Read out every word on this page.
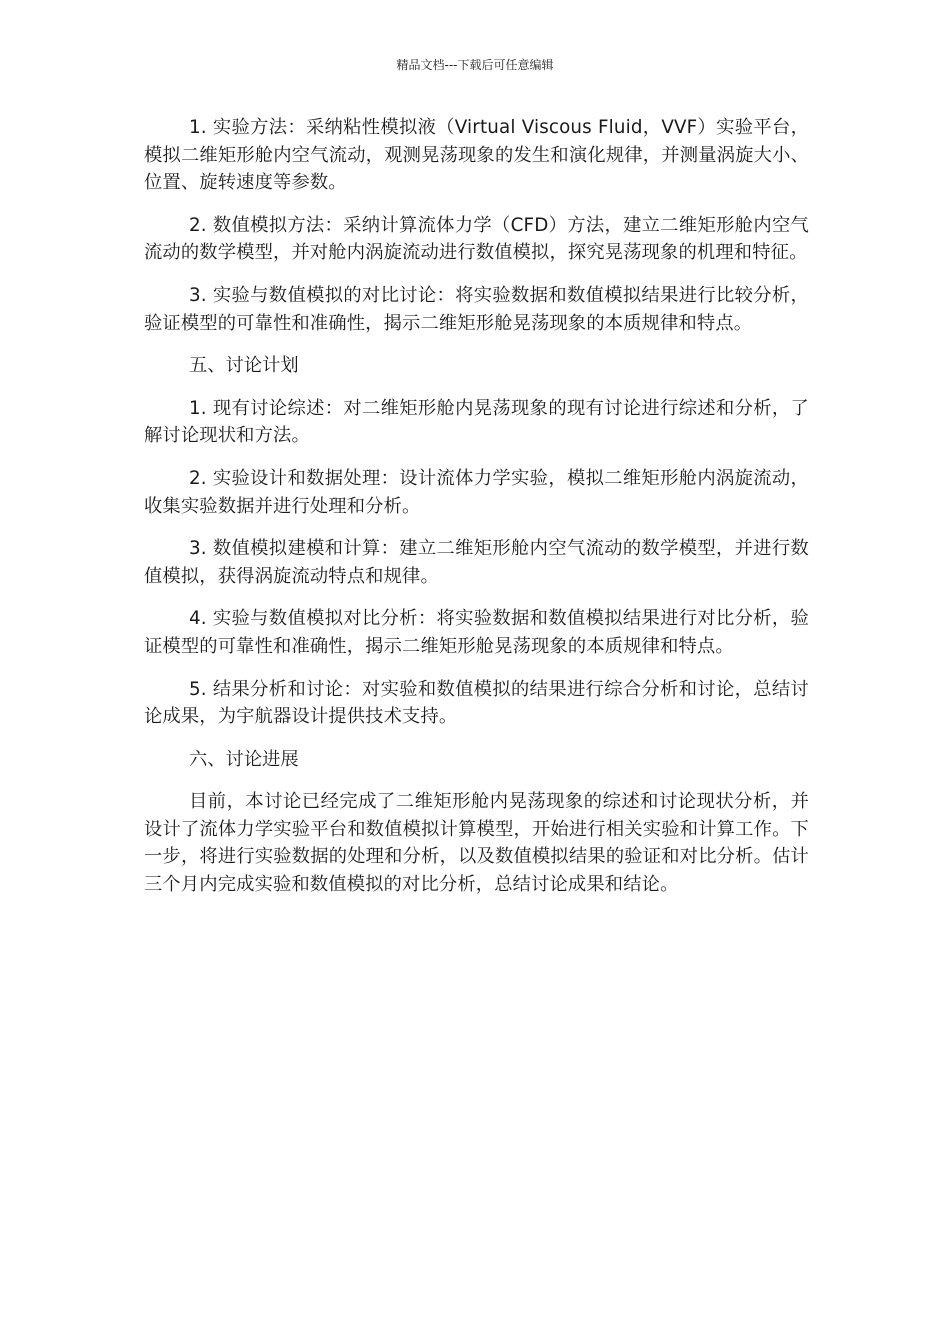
精品文档---下载后可任意编辑

1. 实验方法：采纳粘性模拟液（Virtual Viscous Fluid，VVF）实验平台，模拟二维矩形舱内空气流动，观测晃荡现象的发生和演化规律，并测量涡旋大小、位置、旋转速度等参数。

2. 数值模拟方法：采纳计算流体力学（CFD）方法，建立二维矩形舱内空气流动的数学模型，并对舱内涡旋流动进行数值模拟，探究晃荡现象的机理和特征。

3. 实验与数值模拟的对比讨论：将实验数据和数值模拟结果进行比较分析，验证模型的可靠性和准确性，揭示二维矩形舱晃荡现象的本质规律和特点。

五、讨论计划

1. 现有讨论综述：对二维矩形舱内晃荡现象的现有讨论进行综述和分析，了解讨论现状和方法。

2. 实验设计和数据处理：设计流体力学实验，模拟二维矩形舱内涡旋流动，收集实验数据并进行处理和分析。

3. 数值模拟建模和计算：建立二维矩形舱内空气流动的数学模型，并进行数值模拟，获得涡旋流动特点和规律。

4. 实验与数值模拟对比分析：将实验数据和数值模拟结果进行对比分析，验证模型的可靠性和准确性，揭示二维矩形舱晃荡现象的本质规律和特点。

5. 结果分析和讨论：对实验和数值模拟的结果进行综合分析和讨论，总结讨论成果，为宇航器设计提供技术支持。

六、讨论进展

目前，本讨论已经完成了二维矩形舱内晃荡现象的综述和讨论现状分析，并设计了流体力学实验平台和数值模拟计算模型，开始进行相关实验和计算工作。下一步，将进行实验数据的处理和分析，以及数值模拟结果的验证和对比分析。估计三个月内完成实验和数值模拟的对比分析，总结讨论成果和结论。
